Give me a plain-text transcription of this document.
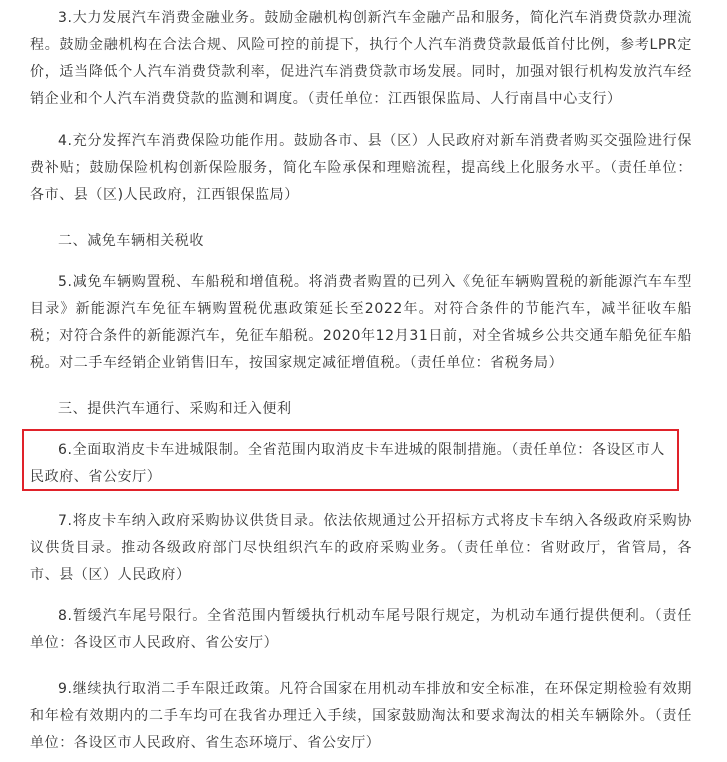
3.大力发展汽车消费金融业务。鼓励金融机构创新汽车金融产品和服务，简化汽车消费贷款办理流程。鼓励金融机构在合法合规、风险可控的前提下，执行个人汽车消费贷款最低首付比例，参考LPR定价，适当降低个人汽车消费贷款利率，促进汽车消费贷款市场发展。同时，加强对银行机构发放汽车经销企业和个人汽车消费贷款的监测和调度。（责任单位：江西银保监局、人行南昌中心支行）

4.充分发挥汽车消费保险功能作用。鼓励各市、县（区）人民政府对新车消费者购买交强险进行保费补贴；鼓励保险机构创新保险服务，简化车险承保和理赔流程，提高线上化服务水平。（责任单位：各市、县（区)人民政府，江西银保监局）

二、减免车辆相关税收

5.减免车辆购置税、车船税和增值税。将消费者购置的已列入《免征车辆购置税的新能源汽车车型目录》新能源汽车免征车辆购置税优惠政策延长至2022年。对符合条件的节能汽车，减半征收车船税；对符合条件的新能源汽车，免征车船税。2020年12月31日前，对全省城乡公共交通车船免征车船税。对二手车经销企业销售旧车，按国家规定减征增值税。（责任单位：省税务局）

三、提供汽车通行、采购和迁入便利

6.全面取消皮卡车进城限制。全省范围内取消皮卡车进城的限制措施。（责任单位：各设区市人民政府、省公安厅）

7.将皮卡车纳入政府采购协议供货目录。依法依规通过公开招标方式将皮卡车纳入各级政府采购协议供货目录。推动各级政府部门尽快组织汽车的政府采购业务。（责任单位：省财政厅，省管局，各市、县（区）人民政府）

8.暂缓汽车尾号限行。全省范围内暂缓执行机动车尾号限行规定，为机动车通行提供便利。（责任单位：各设区市人民政府、省公安厅）

9.继续执行取消二手车限迁政策。凡符合国家在用机动车排放和安全标准，在环保定期检验有效期和年检有效期内的二手车均可在我省办理迁入手续，国家鼓励淘汰和要求淘汰的相关车辆除外。（责任单位：各设区市人民政府、省生态环境厅、省公安厅）
